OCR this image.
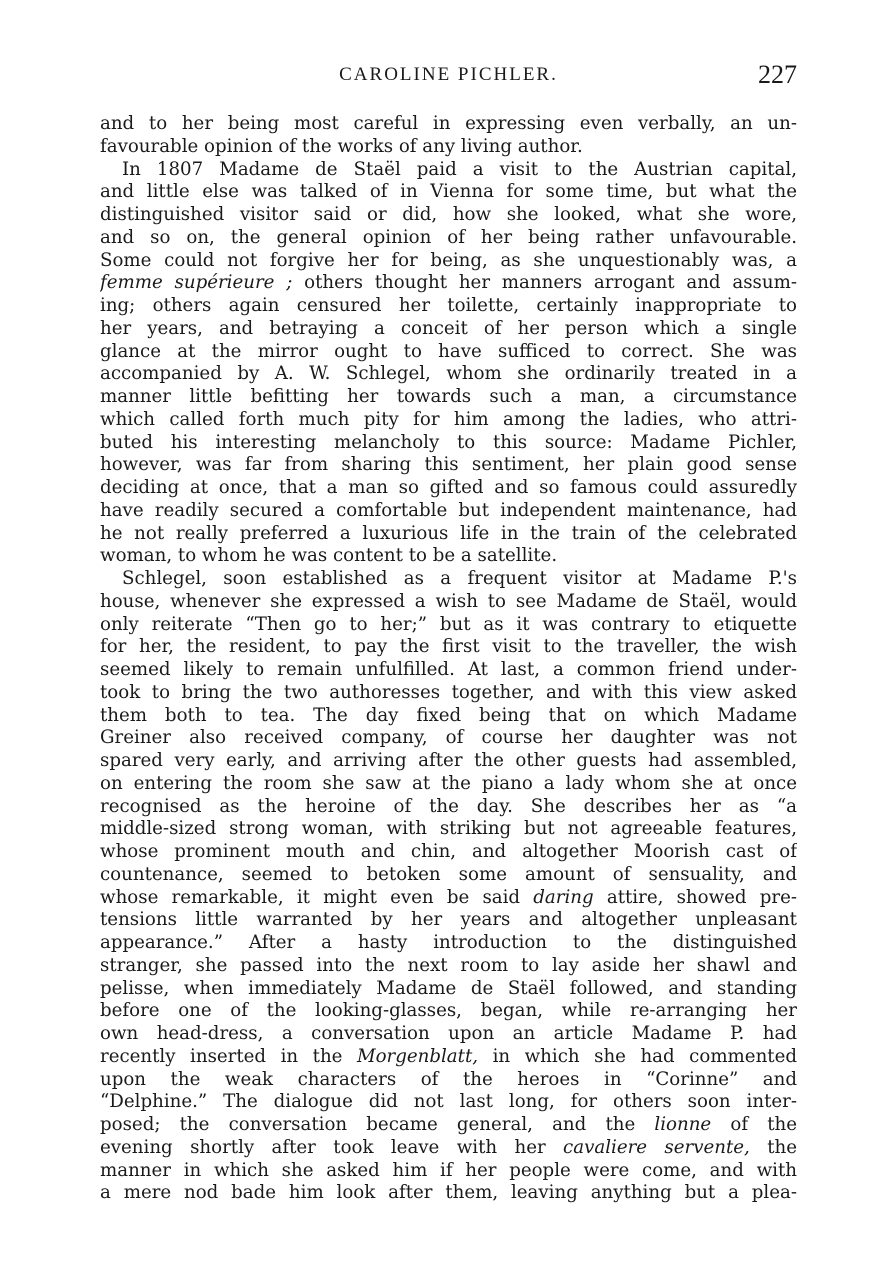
CAROLINE PICHLER.	227
and to her being most careful in expressing even verbally, an un-
favourable opinion of the works of any living author.
In 1807 Madame de Staël paid a visit to the Austrian capital,
and little else was talked of in Vienna for some time, but what the
distinguished visitor said or did, how she looked, what she wore,
and so on, the general opinion of her being rather unfavourable.
Some could not forgive her for being, as she unquestionably was, a
femme supérieure ; others thought her manners arrogant and assum-
ing; others again censured her toilette, certainly inappropriate to
her years, and betraying a conceit of her person which a single
glance at the mirror ought to have sufficed to correct. She was
accompanied by A. W. Schlegel, whom she ordinarily treated in a
manner little befitting her towards such a man, a circumstance
which called forth much pity for him among the ladies, who attri-
buted his interesting melancholy to this source: Madame Pichler,
however, was far from sharing this sentiment, her plain good sense
deciding at once, that a man so gifted and so famous could assuredly
have readily secured a comfortable but independent maintenance, had
he not really preferred a luxurious life in the train of the celebrated
woman, to whom he was content to be a satellite.
Schlegel, soon established as a frequent visitor at Madame P.'s
house, whenever she expressed a wish to see Madame de Staël, would
only reiterate “Then go to her;” but as it was contrary to etiquette
for her, the resident, to pay the first visit to the traveller, the wish
seemed likely to remain unfulfilled. At last, a common friend under-
took to bring the two authoresses together, and with this view asked
them both to tea. The day fixed being that on which Madame
Greiner also received company, of course her daughter was not
spared very early, and arriving after the other guests had assembled,
on entering the room she saw at the piano a lady whom she at once
recognised as the heroine of the day. She describes her as “a
middle-sized strong woman, with striking but not agreeable features,
whose prominent mouth and chin, and altogether Moorish cast of
countenance, seemed to betoken some amount of sensuality, and
whose remarkable, it might even be said daring attire, showed pre-
tensions little warranted by her years and altogether unpleasant
appearance.” After a hasty introduction to the distinguished
stranger, she passed into the next room to lay aside her shawl and
pelisse, when immediately Madame de Staël followed, and standing
before one of the looking-glasses, began, while re-arranging her
own head-dress, a conversation upon an article Madame P. had
recently inserted in the Morgenblatt, in which she had commented
upon the weak characters of the heroes in “Corinne” and
“Delphine.” The dialogue did not last long, for others soon inter-
posed; the conversation became general, and the lionne of the
evening shortly after took leave with her cavaliere servente, the
manner in which she asked him if her people were come, and with
a mere nod bade him look after them, leaving anything but a plea-
